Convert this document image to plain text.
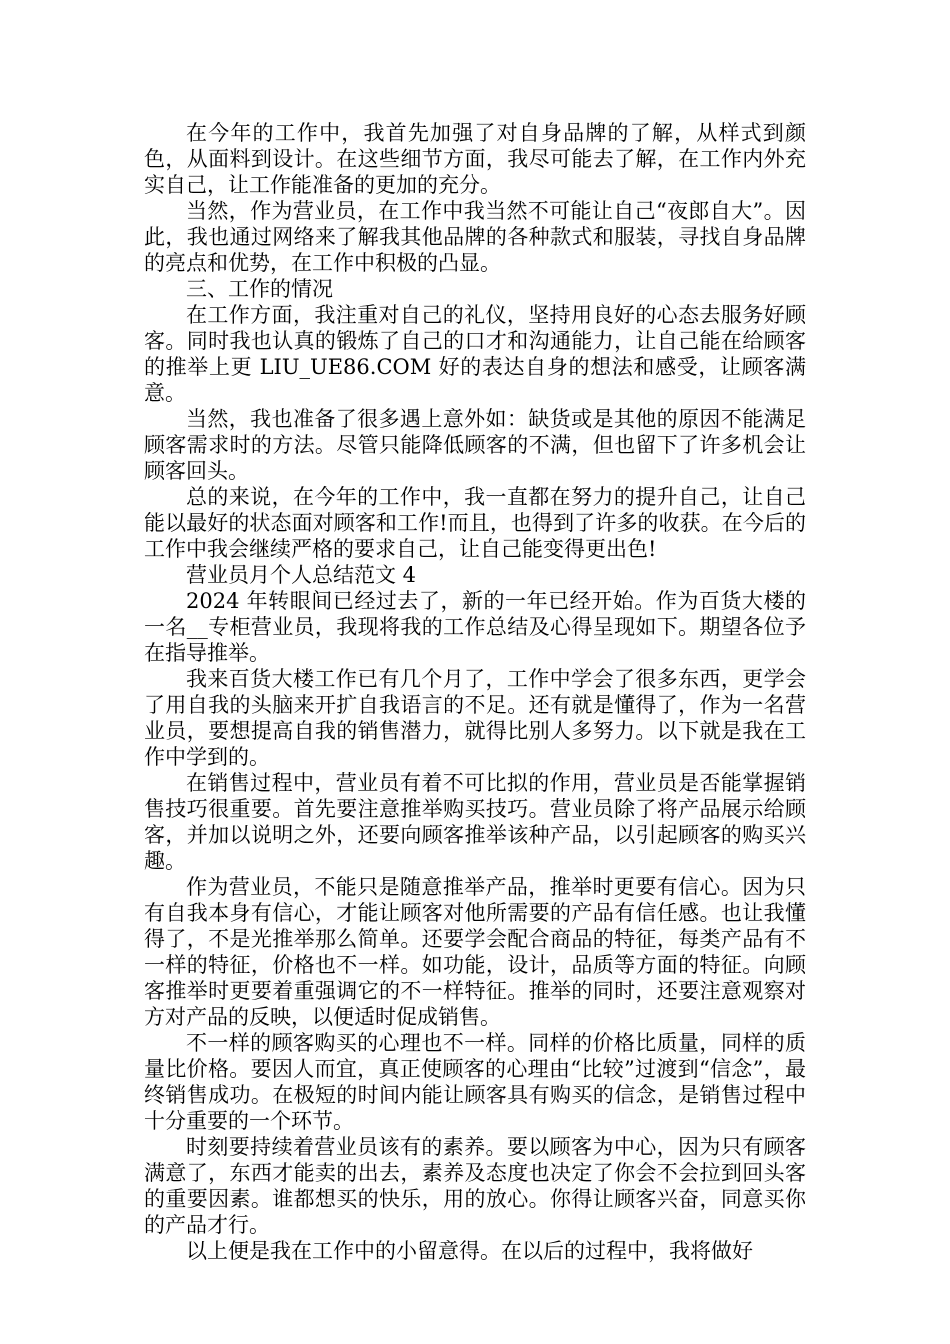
在今年的工作中，我首先加强了对自身品牌的了解，从样式到颜色，从面料到设计。在这些细节方面，我尽可能去了解，在工作内外充实自己，让工作能准备的更加的充分。

当然，作为营业员，在工作中我当然不可能让自己“夜郎自大”。因此，我也通过网络来了解我其他品牌的各种款式和服装，寻找自身品牌的亮点和优势，在工作中积极的凸显。

三、工作的情况

在工作方面，我注重对自己的礼仪，坚持用良好的心态去服务好顾客。同时我也认真的锻炼了自己的口才和沟通能力，让自己能在给顾客的推举上更 LIU_UE86.COM 好的表达自身的想法和感受，让顾客满意。

当然，我也准备了很多遇上意外如：缺货或是其他的原因不能满足顾客需求时的方法。尽管只能降低顾客的不满，但也留下了许多机会让顾客回头。

总的来说，在今年的工作中，我一直都在努力的提升自己，让自己能以最好的状态面对顾客和工作!而且，也得到了许多的收获。在今后的工作中我会继续严格的要求自己，让自己能变得更出色!

营业员月个人总结范文 4

2024 年转眼间已经过去了，新的一年已经开始。作为百货大楼的一名__专柜营业员，我现将我的工作总结及心得呈现如下。期望各位予在指导推举。

我来百货大楼工作已有几个月了，工作中学会了很多东西，更学会了用自我的头脑来开扩自我语言的不足。还有就是懂得了，作为一名营业员，要想提高自我的销售潜力，就得比别人多努力。以下就是我在工作中学到的。

在销售过程中，营业员有着不可比拟的作用，营业员是否能掌握销售技巧很重要。首先要注意推举购买技巧。营业员除了将产品展示给顾客，并加以说明之外，还要向顾客推举该种产品，以引起顾客的购买兴趣。

作为营业员，不能只是随意推举产品，推举时更要有信心。因为只有自我本身有信心，才能让顾客对他所需要的产品有信任感。也让我懂得了，不是光推举那么简单。还要学会配合商品的特征，每类产品有不一样的特征，价格也不一样。如功能，设计，品质等方面的特征。向顾客推举时更要着重强调它的不一样特征。推举的同时，还要注意观察对方对产品的反映，以便适时促成销售。

不一样的顾客购买的心理也不一样。同样的价格比质量，同样的质量比价格。要因人而宜，真正使顾客的心理由“比较”过渡到“信念”，最终销售成功。在极短的时间内能让顾客具有购买的信念，是销售过程中十分重要的一个环节。

时刻要持续着营业员该有的素养。要以顾客为中心，因为只有顾客满意了，东西才能卖的出去，素养及态度也决定了你会不会拉到回头客的重要因素。谁都想买的快乐，用的放心。你得让顾客兴奋，同意买你的产品才行。

以上便是我在工作中的小留意得。在以后的过程中，我将做好
